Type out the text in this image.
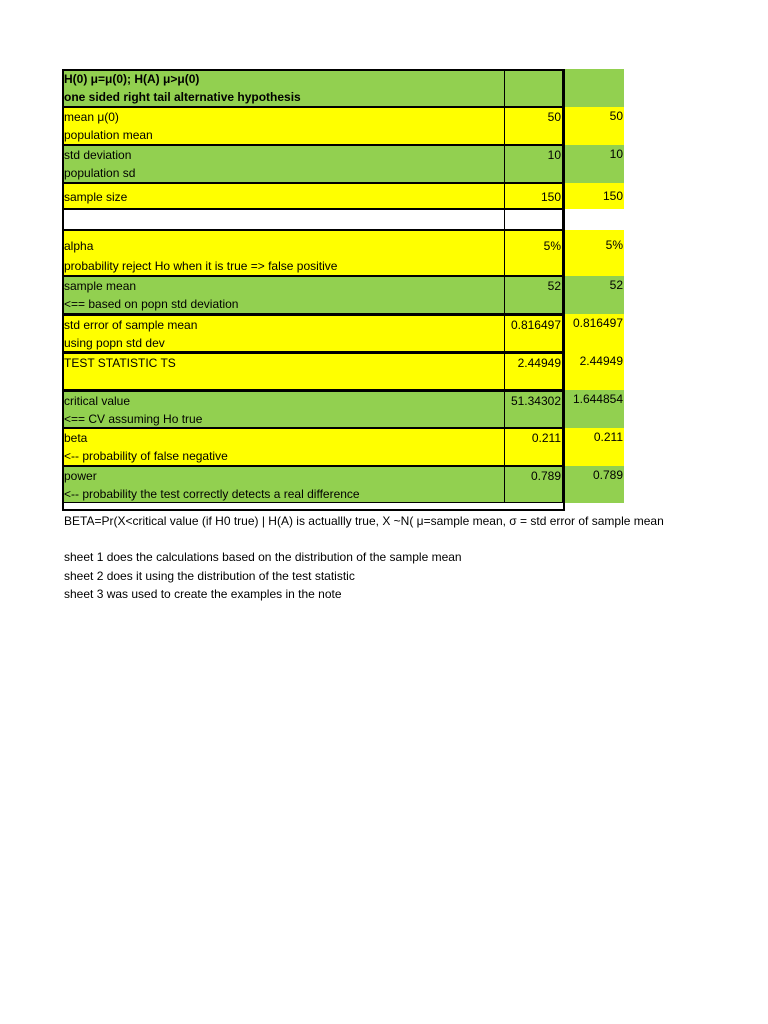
H(0) μ=μ(0); H(A) μ>μ(0)
one sided right tail alternative hypothesis
mean μ(0)
population mean
50	50
std deviation
population sd
10	10
sample size	150	150
alpha
probability reject Ho when it is true => false positive
5%	5%
sample mean
<== based on popn std deviation
52	52
std error of sample mean
using popn std dev
0.816497 0.816497
TEST STATISTIC TS	2.44949 2.44949
critical value
<== CV assuming Ho true
51.34302 1.644854
beta
<-- probability of false negative
0.211	0.211
power
<-- probability the test correctly detects a real difference
0.789	0.789
BETA=Pr(X<critical value (if H0 true) | H(A) is actuallly true, X ~N( μ=sample mean, σ = std error of sample mean
sheet 1 does the calculations based on the distribution of the sample mean
sheet 2 does it using the distribution of the test statistic
sheet 3 was used to create the examples in the note
